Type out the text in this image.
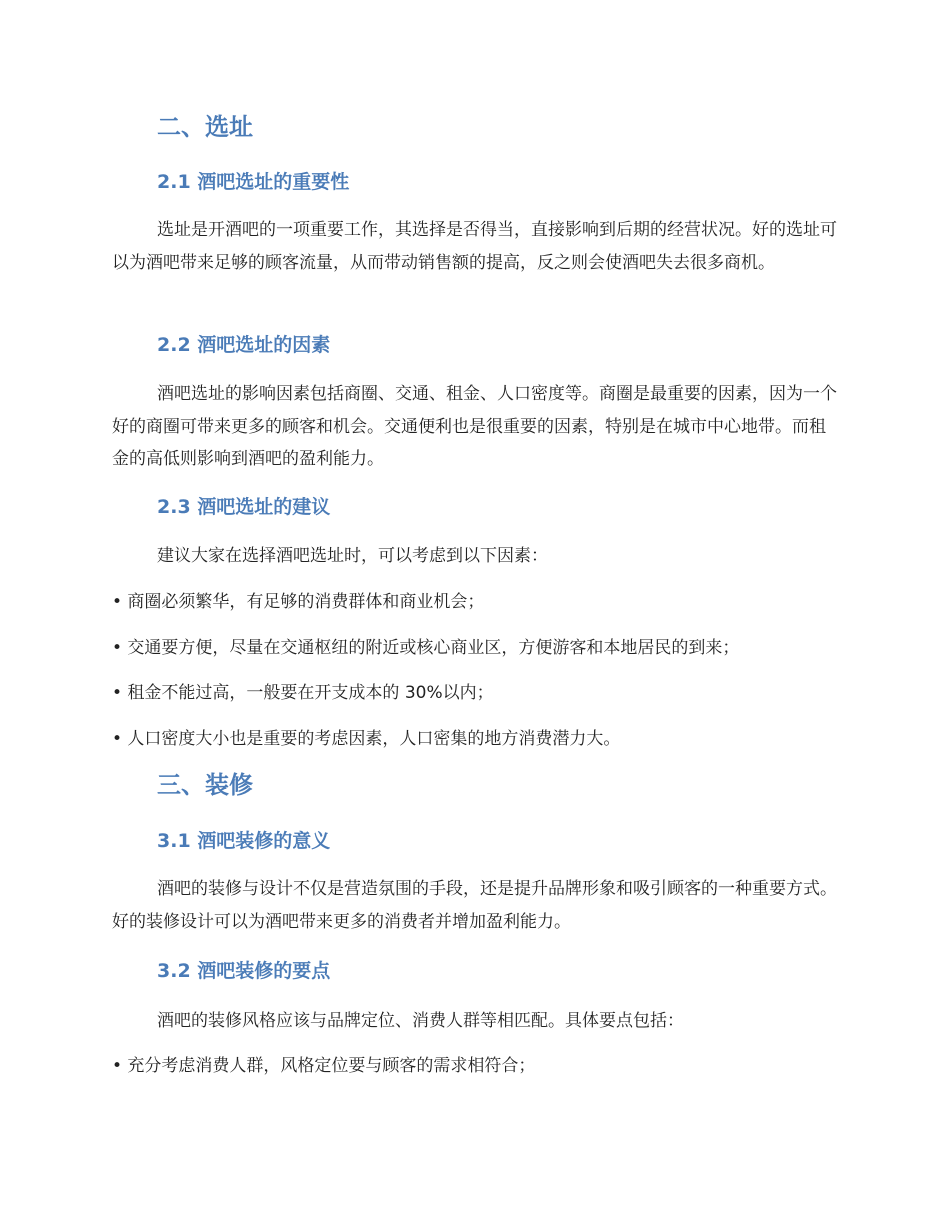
二、选址
2.1 酒吧选址的重要性
选址是开酒吧的一项重要工作，其选择是否得当，直接影响到后期的经营状况。好的选址可以为酒吧带来足够的顾客流量，从而带动销售额的提高，反之则会使酒吧失去很多商机。
2.2 酒吧选址的因素
酒吧选址的影响因素包括商圈、交通、租金、人口密度等。商圈是最重要的因素，因为一个好的商圈可带来更多的顾客和机会。交通便利也是很重要的因素，特别是在城市中心地带。而租金的高低则影响到酒吧的盈利能力。
2.3 酒吧选址的建议
建议大家在选择酒吧选址时，可以考虑到以下因素：
• 商圈必须繁华，有足够的消费群体和商业机会；
• 交通要方便，尽量在交通枢纽的附近或核心商业区，方便游客和本地居民的到来；
• 租金不能过高，一般要在开支成本的 30%以内；
• 人口密度大小也是重要的考虑因素，人口密集的地方消费潜力大。
三、装修
3.1 酒吧装修的意义
酒吧的装修与设计不仅是营造氛围的手段，还是提升品牌形象和吸引顾客的一种重要方式。好的装修设计可以为酒吧带来更多的消费者并增加盈利能力。
3.2 酒吧装修的要点
酒吧的装修风格应该与品牌定位、消费人群等相匹配。具体要点包括：
• 充分考虑消费人群，风格定位要与顾客的需求相符合；
